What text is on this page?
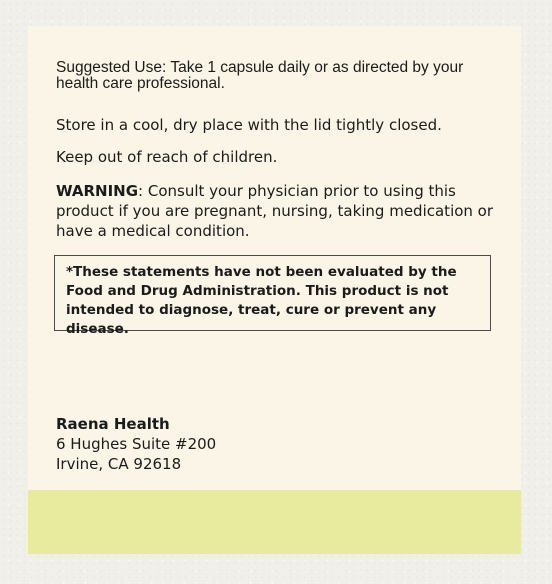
Suggested Use: Take 1 capsule daily or as directed by your health care professional.

Store in a cool, dry place with the lid tightly closed.

Keep out of reach of children.

WARNING: Consult your physician prior to using this product if you are pregnant, nursing, taking medication or have a medical condition.

*These statements have not been evaluated by the Food and Drug Administration. This product is not intended to diagnose, treat, cure or prevent any disease.

Raena Health

6 Hughes Suite #200

Irvine, CA 92618
